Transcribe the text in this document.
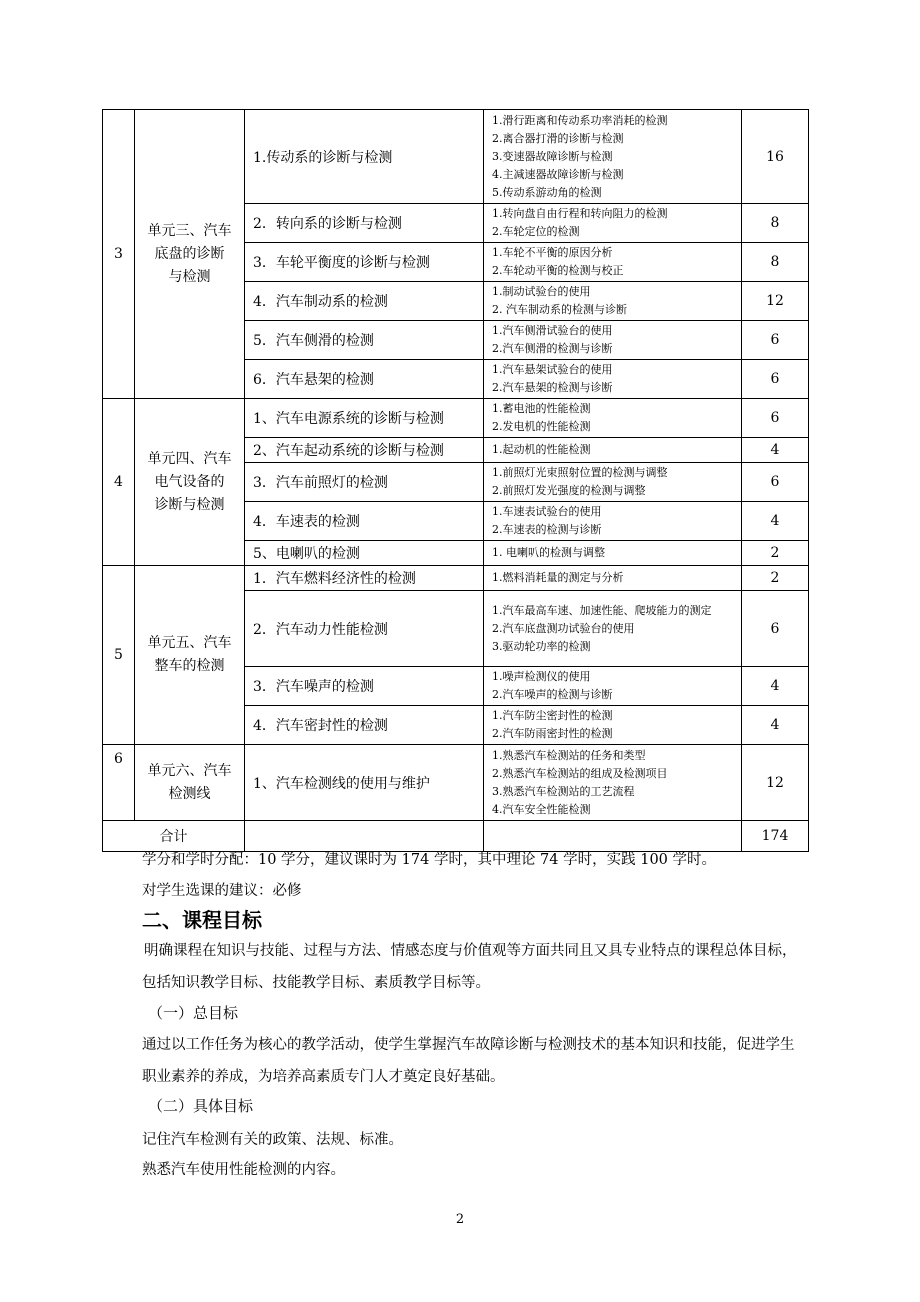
3	单元三、汽车
底盘的诊断
与检测	1.传动系的诊断与检测	1.滑行距离和传动系功率消耗的检测
2.离合器打滑的诊断与检测
3.变速器故障诊断与检测
4.主减速器故障诊断与检测
5.传动系游动角的检测	16
		2．转向系的诊断与检测	1.转向盘自由行程和转向阻力的检测
2.车轮定位的检测	8
		3．车轮平衡度的诊断与检测	1.车轮不平衡的原因分析
2.车轮动平衡的检测与校正	8
		4．汽车制动系的检测	1.制动试验台的使用
2. 汽车制动系的检测与诊断	12
		5．汽车侧滑的检测	1.汽车侧滑试验台的使用
2.汽车侧滑的检测与诊断	6
		6．汽车悬架的检测	1.汽车悬架试验台的使用
2.汽车悬架的检测与诊断	6
4	单元四、汽车
电气设备的
诊断与检测	1、汽车电源系统的诊断与检测	1.蓄电池的性能检测
2.发电机的性能检测	6
		2、汽车起动系统的诊断与检测	1.起动机的性能检测	4
		3．汽车前照灯的检测	1.前照灯光束照射位置的检测与调整
2.前照灯发光强度的检测与调整	6
		4．车速表的检测	1.车速表试验台的使用
2.车速表的检测与诊断	4
		5、电喇叭的检测	1. 电喇叭的检测与调整	2
5	单元五、汽车
整车的检测	1．汽车燃料经济性的检测	1.燃料消耗量的测定与分析	2
		2．汽车动力性能检测	1.汽车最高车速、加速性能、爬坡能力的测定
2.汽车底盘测功试验台的使用
3.驱动轮功率的检测	6
		3．汽车噪声的检测	1.噪声检测仪的使用
2.汽车噪声的检测与诊断	4
		4．汽车密封性的检测	1.汽车防尘密封性的检测
2.汽车防雨密封性的检测	4
6	单元六、汽车
检测线	1、汽车检测线的使用与维护	1.熟悉汽车检测站的任务和类型
2.熟悉汽车检测站的组成及检测项目
3.熟悉汽车检测站的工艺流程
4.汽车安全性能检测	12
合计				174
学分和学时分配：10 学分，建议课时为 174 学时，其中理论 74 学时，实践 100 学时。
对学生选课的建议：必修
二、课程目标
明确课程在知识与技能、过程与方法、情感态度与价值观等方面共同且又具专业特点的课程总体目标，包括知识教学目标、技能教学目标、素质教学目标等。
（一）总目标
通过以工作任务为核心的教学活动，使学生掌握汽车故障诊断与检测技术的基本知识和技能，促进学生职业素养的养成，为培养高素质专门人才奠定良好基础。
（二）具体目标
记住汽车检测有关的政策、法规、标准。
熟悉汽车使用性能检测的内容。
2
